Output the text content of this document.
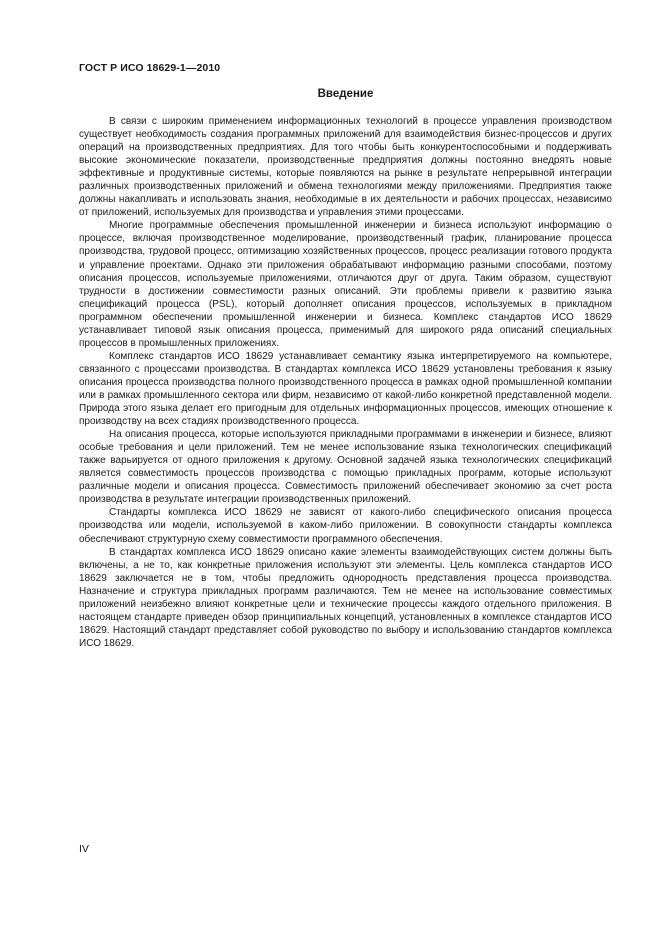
ГОСТ Р ИСО 18629-1—2010
Введение

В связи с широким применением информационных технологий в процессе управления производством существует необходимость создания программных приложений для взаимодействия бизнес-процессов и других операций на производственных предприятиях. Для того чтобы быть конкурентоспособными и поддерживать высокие экономические показатели, производственные предприятия должны постоянно внедрять новые эффективные и продуктивные системы, которые появляются на рынке в результате непрерывной интеграции различных производственных приложений и обмена технологиями между приложениями. Предприятия также должны накапливать и использовать знания, необходимые в их деятельности и рабочих процессах, независимо от приложений, используемых для производства и управления этими процессами.

Многие программные обеспечения промышленной инженерии и бизнеса используют информацию о процессе, включая производственное моделирование, производственный график, планирование процесса производства, трудовой процесс, оптимизацию хозяйственных процессов, процесс реализации готового продукта и управление проектами. Однако эти приложения обрабатывают информацию разными способами, поэтому описания процессов, используемые приложениями, отличаются друг от друга. Таким образом, существуют трудности в достижении совместимости разных описаний. Эти проблемы привели к развитию языка спецификаций процесса (PSL), который дополняет описания процессов, используемых в прикладном программном обеспечении промышленной инженерии и бизнеса. Комплекс стандартов ИСО 18629 устанавливает типовой язык описания процесса, применимый для широкого ряда описаний специальных процессов в промышленных приложениях.

Комплекс стандартов ИСО 18629 устанавливает семантику языка интерпретируемого на компьютере, связанного с процессами производства. В стандартах комплекса ИСО 18629 установлены требования к языку описания процесса производства полного производственного процесса в рамках одной промышленной компании или в рамках промышленного сектора или фирм, независимо от какой-либо конкретной представленной модели. Природа этого языка делает его пригодным для отдельных информационных процессов, имеющих отношение к производству на всех стадиях производственного процесса.

На описания процесса, которые используются прикладными программами в инженерии и бизнесе, влияют особые требования и цели приложений. Тем не менее использование языка технологических спецификаций также варьируется от одного приложения к другому. Основной задачей языка технологических спецификаций является совместимость процессов производства с помощью прикладных программ, которые используют различные модели и описания процесса. Совместимость приложений обеспечивает экономию за счет роста производства в результате интеграции производственных приложений.

Стандарты комплекса ИСО 18629 не зависят от какого-либо специфического описания процесса производства или модели, используемой в каком-либо приложении. В совокупности стандарты комплекса обеспечивают структурную схему совместимости программного обеспечения.

В стандартах комплекса ИСО 18629 описано какие элементы взаимодействующих систем должны быть включены, а не то, как конкретные приложения используют эти элементы. Цель комплекса стандартов ИСО 18629 заключается не в том, чтобы предложить однородность представления процесса производства. Назначение и структура прикладных программ различаются. Тем не менее на использование совместимых приложений неизбежно влияют конкретные цели и технические процессы каждого отдельного приложения. В настоящем стандарте приведен обзор принципиальных концепций, установленных в комплексе стандартов ИСО 18629. Настоящий стандарт представляет собой руководство по выбору и использованию стандартов комплекса ИСО 18629.

IV
